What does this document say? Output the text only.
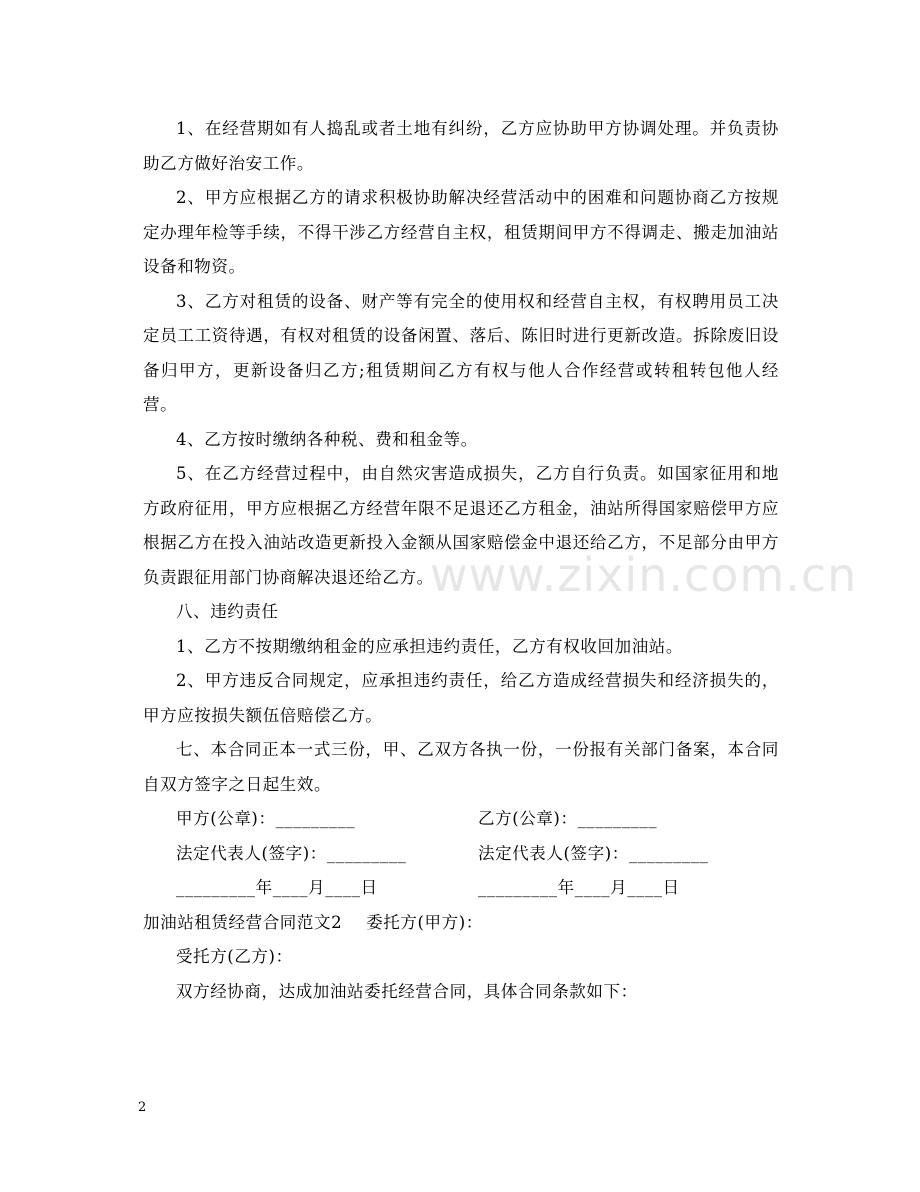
1、在经营期如有人捣乱或者土地有纠纷，乙方应协助甲方协调处理。并负责协助乙方做好治安工作。

2、甲方应根据乙方的请求积极协助解决经营活动中的困难和问题协商乙方按规定办理年检等手续，不得干涉乙方经营自主权，租赁期间甲方不得调走、搬走加油站设备和物资。

3、乙方对租赁的设备、财产等有完全的使用权和经营自主权，有权聘用员工决定员工工资待遇，有权对租赁的设备闲置、落后、陈旧时进行更新改造。拆除废旧设备归甲方，更新设备归乙方;租赁期间乙方有权与他人合作经营或转租转包他人经营。

4、乙方按时缴纳各种税、费和租金等。

5、在乙方经营过程中，由自然灾害造成损失，乙方自行负责。如国家征用和地方政府征用，甲方应根据乙方经营年限不足退还乙方租金，油站所得国家赔偿甲方应根据乙方在投入油站改造更新投入金额从国家赔偿金中退还给乙方，不足部分由甲方负责跟征用部门协商解决退还给乙方。

八、违约责任

1、乙方不按期缴纳租金的应承担违约责任，乙方有权收回加油站。

2、甲方违反合同规定，应承担违约责任，给乙方造成经营损失和经济损失的，甲方应按损失额伍倍赔偿乙方。

七、本合同正本一式三份，甲、乙双方各执一份，一份报有关部门备案，本合同自双方签字之日起生效。

甲方(公章)：_________	乙方(公章)：_________
法定代表人(签字)：_________	法定代表人(签字)：_________
_________年____月____日	_________年____月____日

加油站租赁经营合同范文2 委托方(甲方)：

受托方(乙方)：

双方经协商，达成加油站委托经营合同，具体合同条款如下：

www.zixin.com.cn
2
